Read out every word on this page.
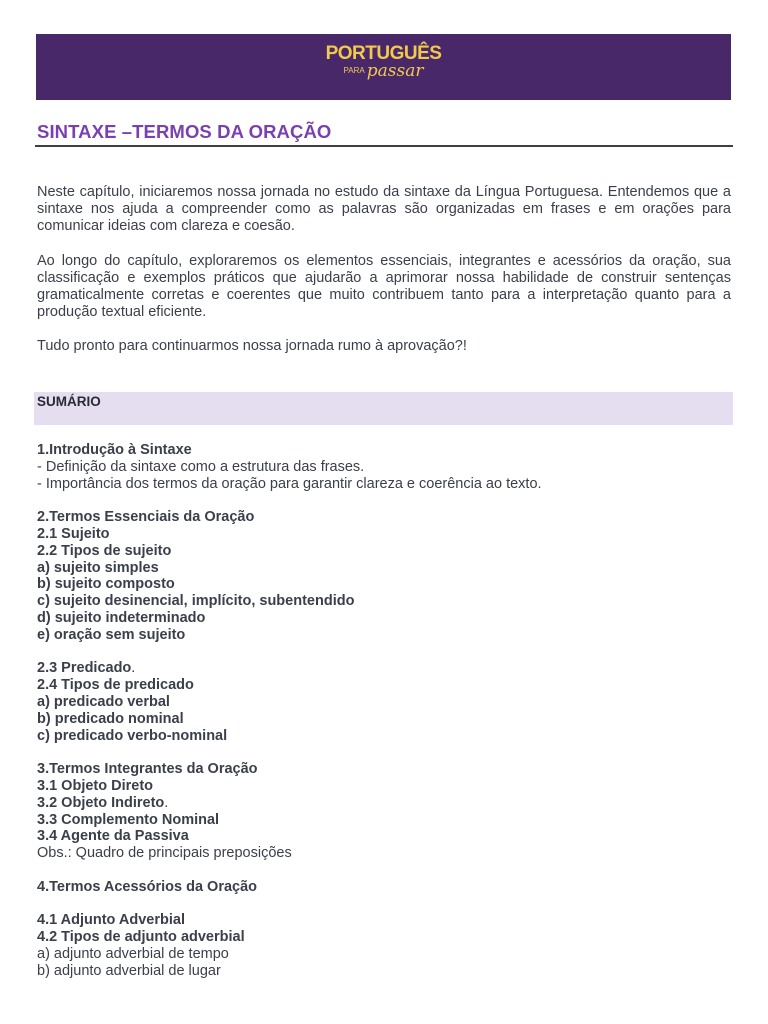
PORTUGUÊS
$^{PARA}$ passar
SINTAXE –TERMOS DA ORAÇÃO

Neste capítulo, iniciaremos nossa jornada no estudo da sintaxe da Língua Portuguesa. Entendemos que a sintaxe nos ajuda a compreender como as palavras são organizadas em frases e em orações para comunicar ideias com clareza e coesão.

Ao longo do capítulo, exploraremos os elementos essenciais, integrantes e acessórios da oração, sua classificação e exemplos práticos que ajudarão a aprimorar nossa habilidade de construir sentenças gramaticalmente corretas e coerentes que muito contribuem tanto para a interpretação quanto para a produção textual eficiente.

Tudo pronto para continuarmos nossa jornada rumo à aprovação?!

SUMÁRIO
1.Introdução à Sintaxe
- Definição da sintaxe como a estrutura das frases.
- Importância dos termos da oração para garantir clareza e coerência ao texto.
2.Termos Essenciais da Oração
2.1 Sujeito
2.2 Tipos de sujeito
a) sujeito simples
b) sujeito composto
c) sujeito desinencial, implícito, subentendido
d) sujeito indeterminado
e) oração sem sujeito
2.3 Predicado.
2.4 Tipos de predicado
a) predicado verbal
b) predicado nominal
c) predicado verbo-nominal
3.Termos Integrantes da Oração
3.1 Objeto Direto
3.2 Objeto Indireto.
3.3 Complemento Nominal
3.4 Agente da Passiva
Obs.: Quadro de principais preposições
4.Termos Acessórios da Oração
4.1 Adjunto Adverbial
4.2 Tipos de adjunto adverbial
a) adjunto adverbial de tempo
b) adjunto adverbial de lugar
